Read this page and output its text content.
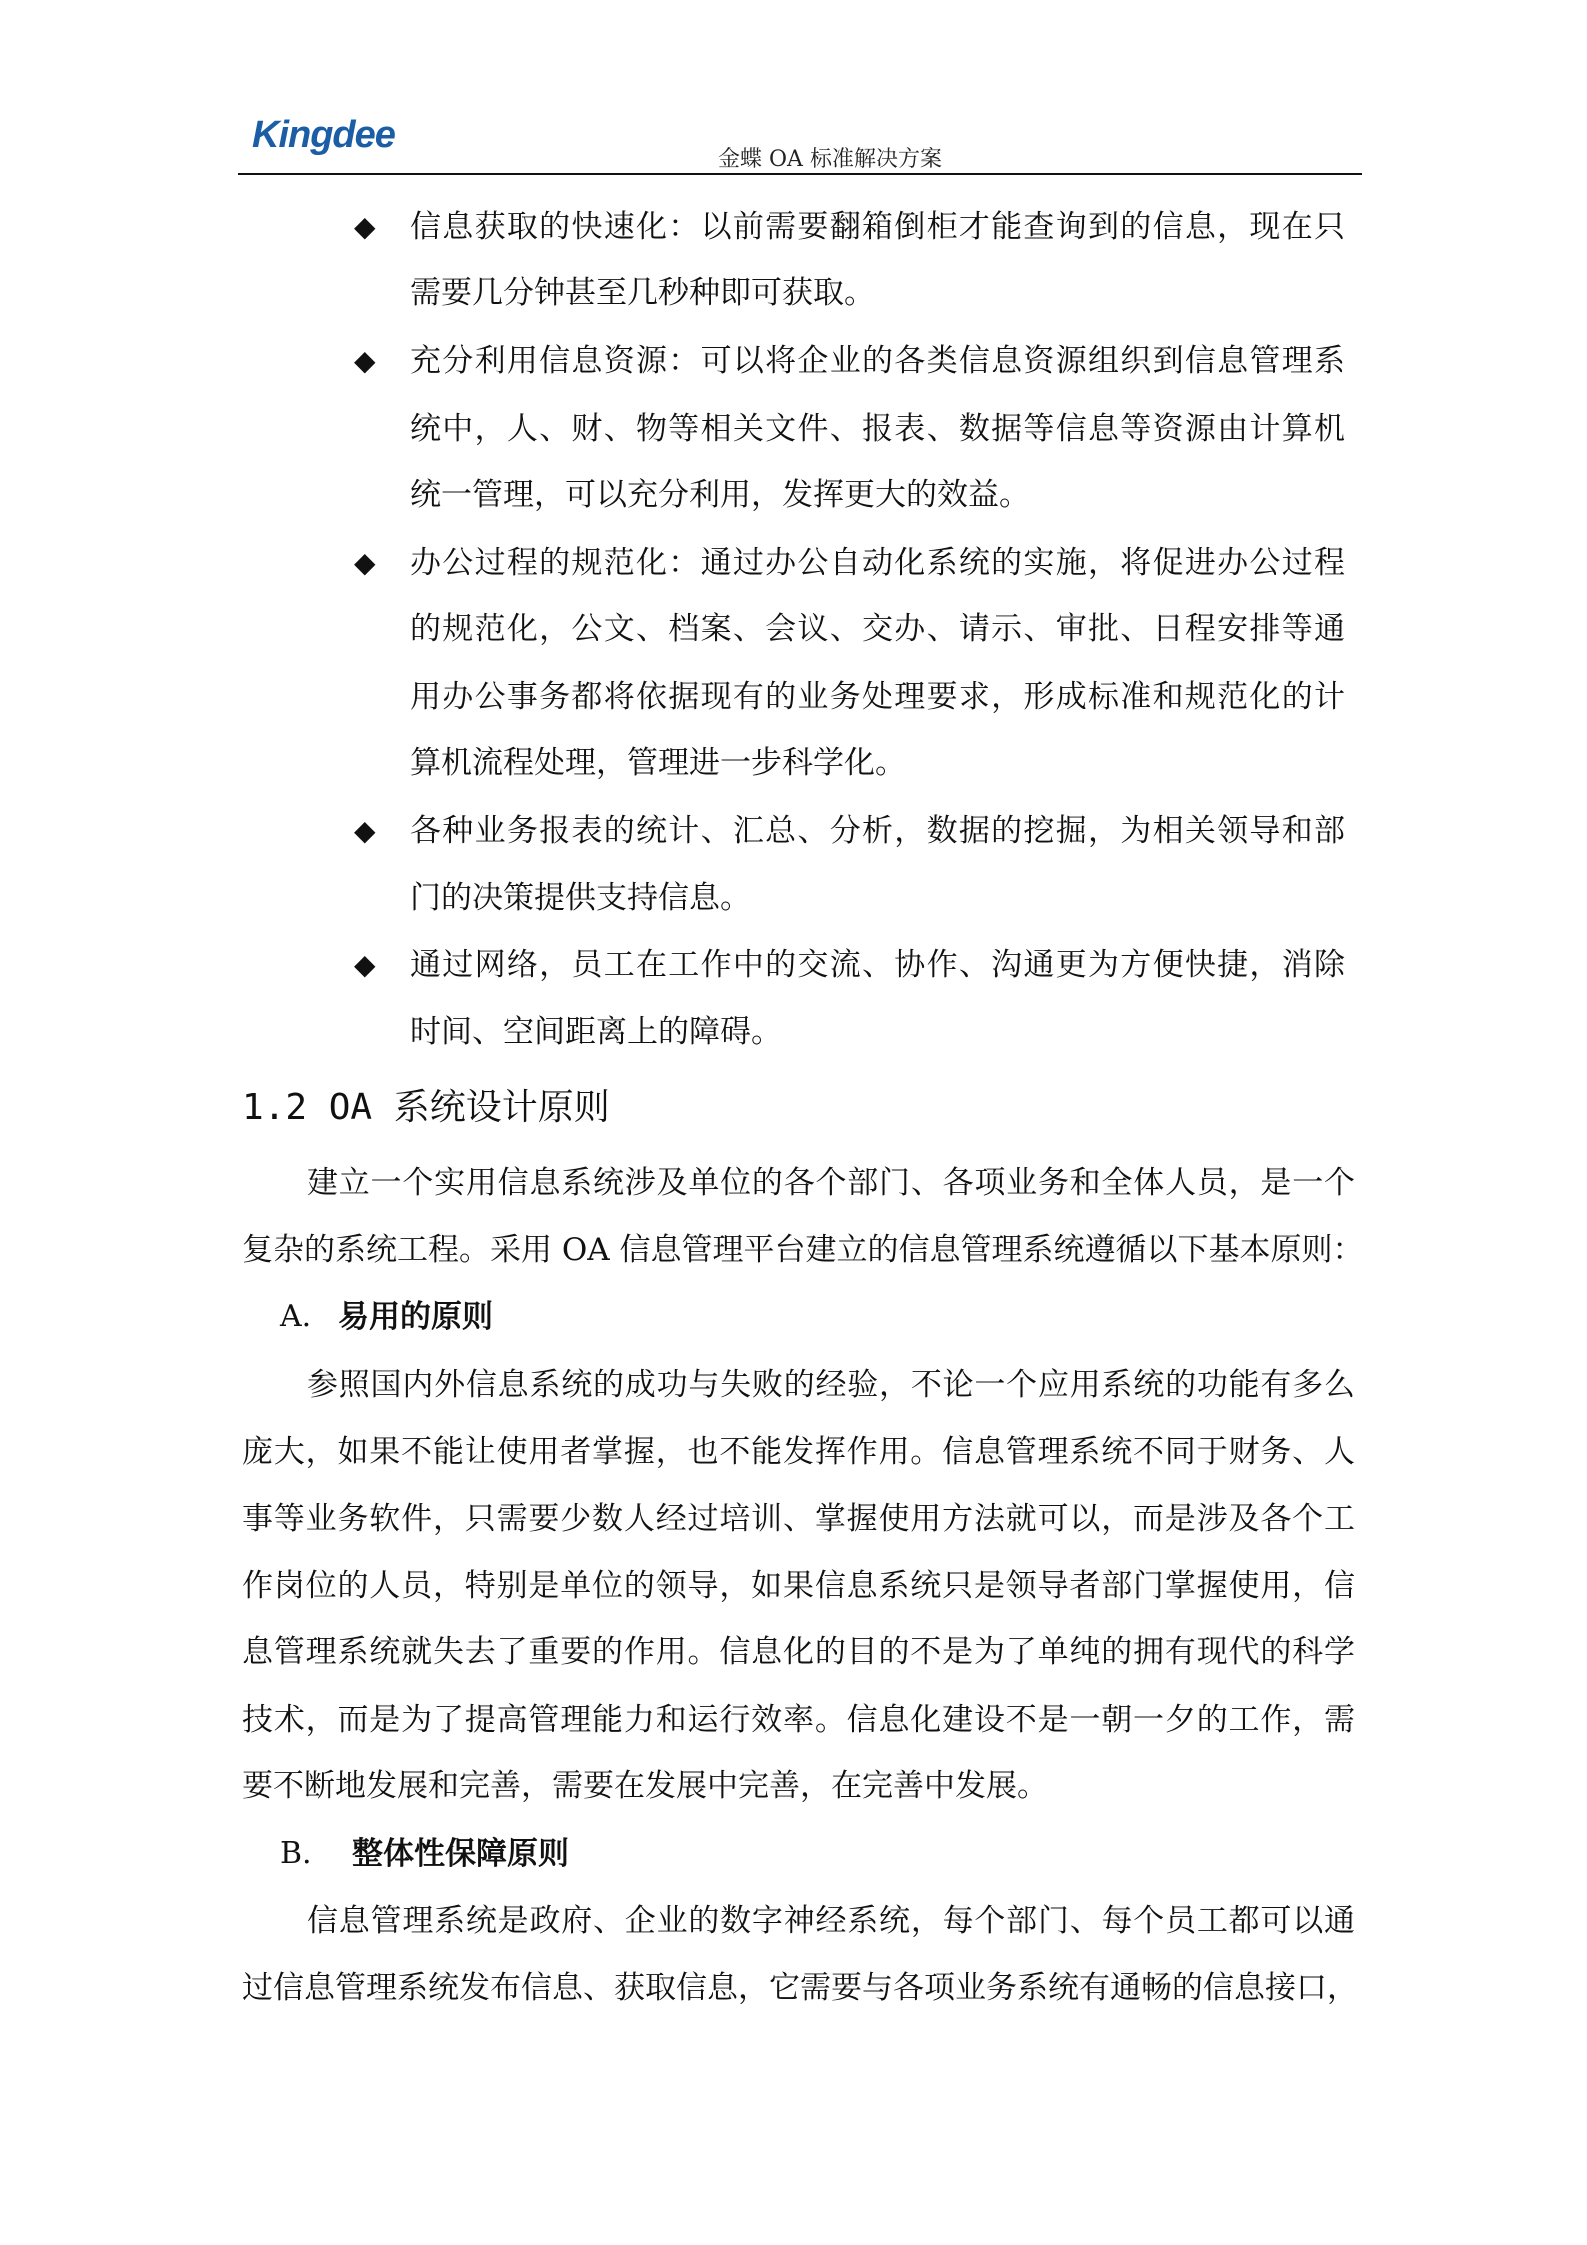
Kingdee
金蝶 OA 标准解决方案
◆ 信息获取的快速化：以前需要翻箱倒柜才能查询到的信息，现在只
需要几分钟甚至几秒种即可获取。
◆ 充分利用信息资源：可以将企业的各类信息资源组织到信息管理系
统中，人、财、物等相关文件、报表、数据等信息等资源由计算机
统一管理，可以充分利用，发挥更大的效益。
◆ 办公过程的规范化：通过办公自动化系统的实施，将促进办公过程
的规范化，公文、档案、会议、交办、请示、审批、日程安排等通
用办公事务都将依据现有的业务处理要求，形成标准和规范化的计
算机流程处理，管理进一步科学化。
◆ 各种业务报表的统计、汇总、分析，数据的挖掘，为相关领导和部
门的决策提供支持信息。
◆ 通过网络，员工在工作中的交流、协作、沟通更为方便快捷，消除
时间、空间距离上的障碍。
1.2 OA 系统设计原则
建立一个实用信息系统涉及单位的各个部门、各项业务和全体人员，是一个
复杂的系统工程。采用 OA 信息管理平台建立的信息管理系统遵循以下基本原则：
A. 易用的原则
参照国内外信息系统的成功与失败的经验，不论一个应用系统的功能有多么
庞大，如果不能让使用者掌握，也不能发挥作用。信息管理系统不同于财务、人
事等业务软件，只需要少数人经过培训、掌握使用方法就可以，而是涉及各个工
作岗位的人员，特别是单位的领导，如果信息系统只是领导者部门掌握使用，信
息管理系统就失去了重要的作用。信息化的目的不是为了单纯的拥有现代的科学
技术，而是为了提高管理能力和运行效率。信息化建设不是一朝一夕的工作，需
要不断地发展和完善，需要在发展中完善，在完善中发展。
B. 整体性保障原则
信息管理系统是政府、企业的数字神经系统，每个部门、每个员工都可以通
过信息管理系统发布信息、获取信息，它需要与各项业务系统有通畅的信息接口，
